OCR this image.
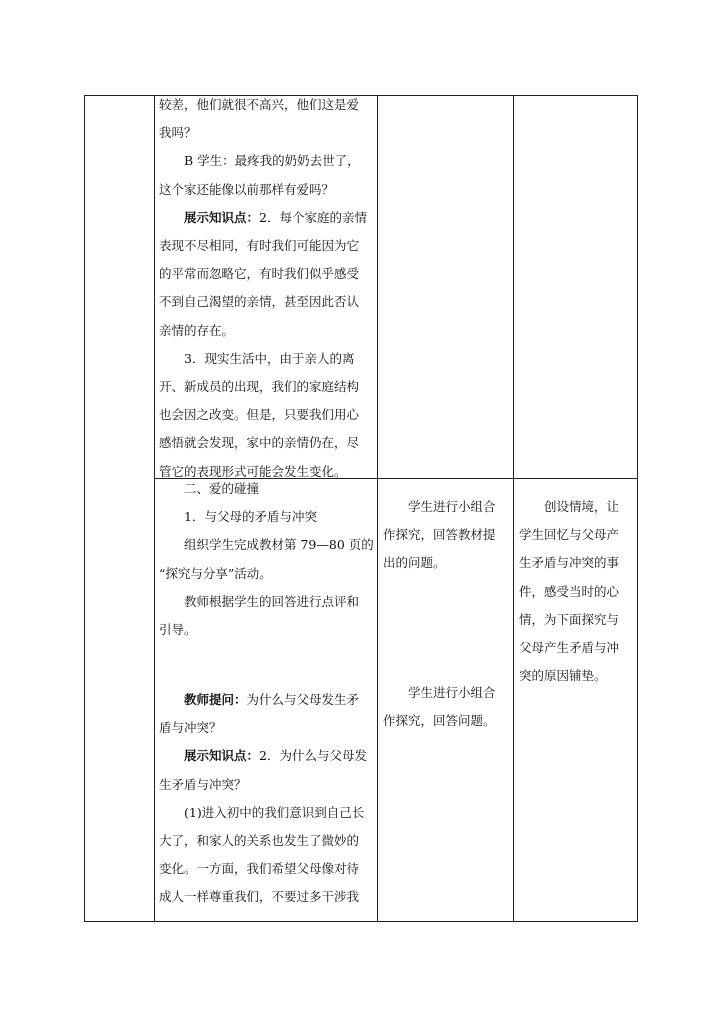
较差，他们就很不高兴，他们这是爱

我吗？

B 学生：最疼我的奶奶去世了，

这个家还能像以前那样有爱吗？

展示知识点：2．每个家庭的亲情

表现不尽相同，有时我们可能因为它

的平常而忽略它，有时我们似乎感受

不到自己渴望的亲情，甚至因此否认

亲情的存在。

3．现实生活中，由于亲人的离

开、新成员的出现，我们的家庭结构

也会因之改变。但是，只要我们用心

感悟就会发现，家中的亲情仍在，尽

管它的表现形式可能会发生变化。

二、爱的碰撞

1．与父母的矛盾与冲突

组织学生完成教材第 79—80 页的

“探究与分享”活动。

教师根据学生的回答进行点评和

引导。

教师提问：为什么与父母发生矛

盾与冲突？

展示知识点：2．为什么与父母发

生矛盾与冲突？

(1)进入初中的我们意识到自己长

大了，和家人的关系也发生了微妙的

变化。一方面，我们希望父母像对待

成人一样尊重我们，不要过多干涉我

学生进行小组合

作探究，回答教材提

出的问题。

学生进行小组合

作探究，回答问题。

创设情境，让

学生回忆与父母产

生矛盾与冲突的事

件，感受当时的心

情，为下面探究与

父母产生矛盾与冲

突的原因铺垫。
